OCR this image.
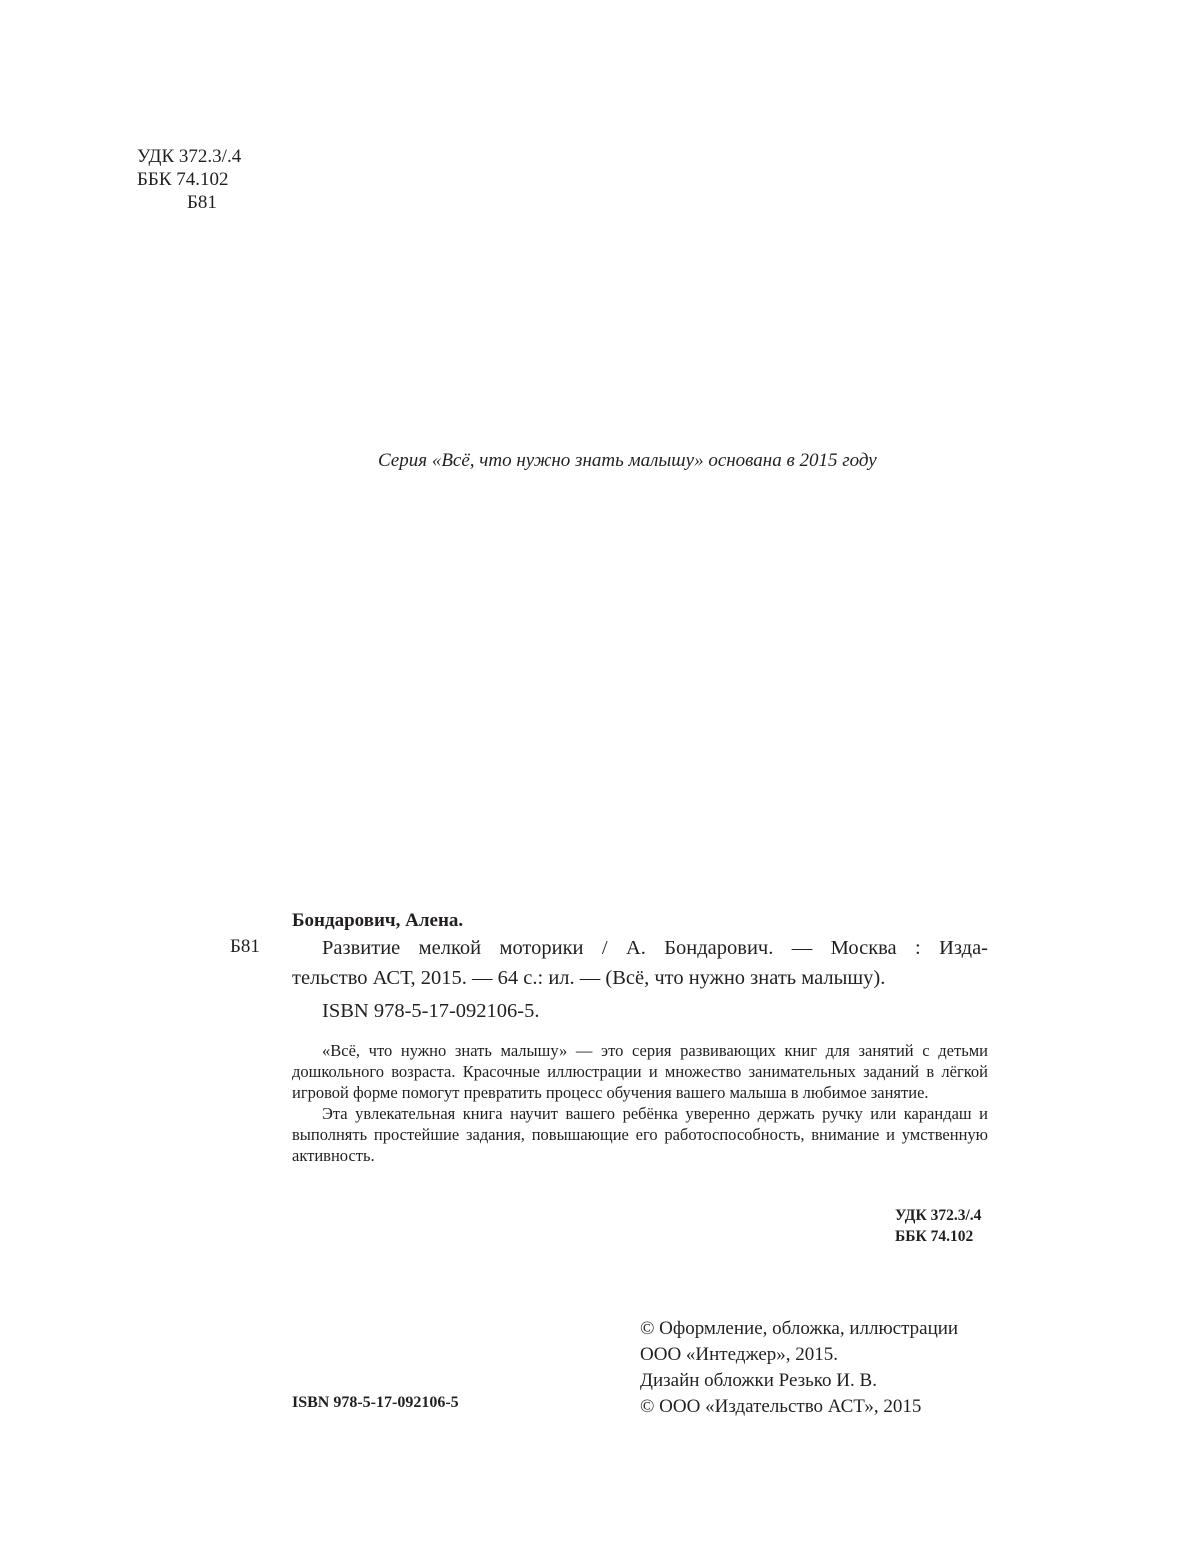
УДК 372.3/.4
ББК 74.102
Б81
Серия «Всё, что нужно знать малышу» основана в 2015 году
Бондарович, Алена.
Б81	Развитие мелкой моторики / А. Бондарович. — Москва : Изда-
тельство АСТ, 2015. — 64 с.: ил. — (Всё, что нужно знать малышу).
ISBN 978-5-17-092106-5.
«Всё, что нужно знать малышу» — это серия развивающих книг для занятий с детьми дошкольного возраста. Красочные иллюстрации и множество занимательных заданий в лёгкой игровой форме помогут превратить процесс обучения вашего малыша в любимое занятие.
Эта увлекательная книга научит вашего ребёнка уверенно держать ручку или карандаш и выполнять простейшие задания, повышающие его работоспособность, внимание и умственную активность.
УДК 372.3/.4
ББК 74.102
© Оформление, обложка, иллюстрации
ООО «Интеджер», 2015.
Дизайн обложки Резько И. В.
© ООО «Издательство АСТ», 2015
ISBN 978-5-17-092106-5
